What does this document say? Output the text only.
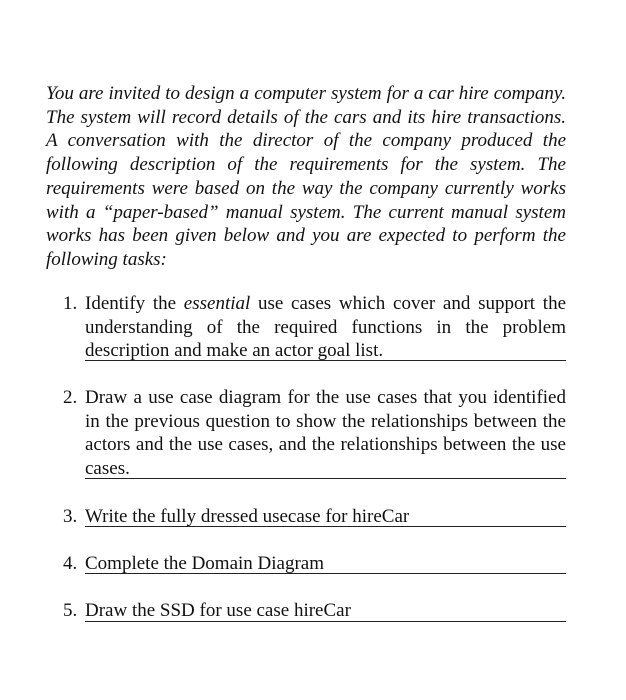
You are invited to design a computer system for a car hire company. The system will record details of the cars and its hire transactions. A conversation with the director of the company produced the following description of the requirements for the system. The requirements were based on the way the company currently works with a “paper-based” manual system. The current manual system works has been given below and you are expected to perform the following tasks:

1. Identify the essential use cases which cover and support the understanding of the required functions in the problem description and make an actor goal list.
2. Draw a use case diagram for the use cases that you identified in the previous question to show the relationships between the actors and the use cases, and the relationships between the use cases.
3. Write the fully dressed usecase for hireCar
4. Complete the Domain Diagram
5. Draw the SSD for use case hireCar
